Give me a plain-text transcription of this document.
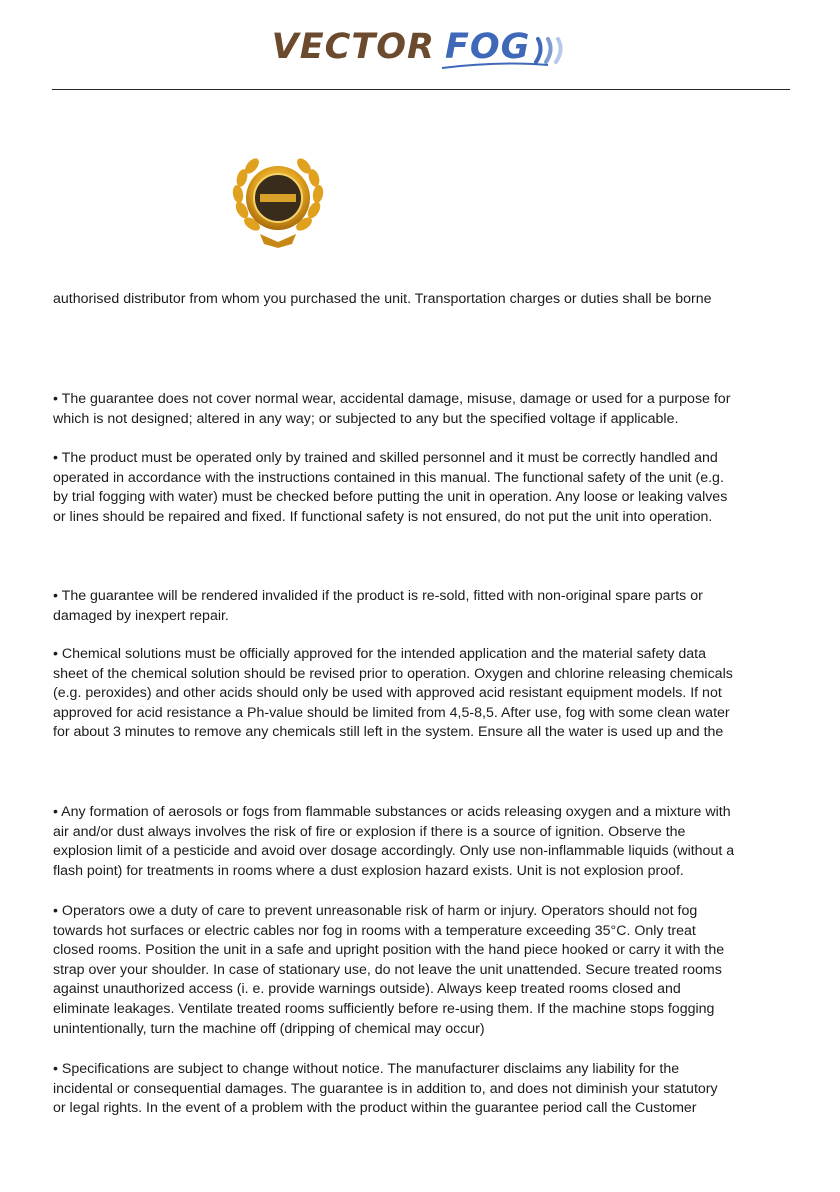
VECTOR FOG
authorised distributor from whom you purchased the unit. Transportation charges or duties shall be borne
• The guarantee does not cover normal wear, accidental damage, misuse, damage or used for a purpose for
which is not designed; altered in any way; or subjected to any but the specified voltage if applicable.
• The product must be operated only by trained and skilled personnel and it must be correctly handled and
operated in accordance with the instructions contained in this manual. The functional safety of the unit (e.g.
by trial fogging with water) must be checked before putting the unit in operation. Any loose or leaking valves
or lines should be repaired and fixed. If functional safety is not ensured, do not put the unit into operation.
• The guarantee will be rendered invalided if the product is re-sold, fitted with non-original spare parts or
damaged by inexpert repair.
• Chemical solutions must be officially approved for the intended application and the material safety data
sheet of the chemical solution should be revised prior to operation. Oxygen and chlorine releasing chemicals
(e.g. peroxides) and other acids should only be used with approved acid resistant equipment models. If not
approved for acid resistance a Ph-value should be limited from 4,5-8,5. After use, fog with some clean water
for about 3 minutes to remove any chemicals still left in the system. Ensure all the water is used up and the
• Any formation of aerosols or fogs from flammable substances or acids releasing oxygen and a mixture with
air and/or dust always involves the risk of fire or explosion if there is a source of ignition. Observe the
explosion limit of a pesticide and avoid over dosage accordingly. Only use non-inflammable liquids (without a
flash point) for treatments in rooms where a dust explosion hazard exists. Unit is not explosion proof.
• Operators owe a duty of care to prevent unreasonable risk of harm or injury. Operators should not fog
towards hot surfaces or electric cables nor fog in rooms with a temperature exceeding 35°C. Only treat
closed rooms. Position the unit in a safe and upright position with the hand piece hooked or carry it with the
strap over your shoulder. In case of stationary use, do not leave the unit unattended. Secure treated rooms
against unauthorized access (i. e. provide warnings outside). Always keep treated rooms closed and
eliminate leakages. Ventilate treated rooms sufficiently before re-using them. If the machine stops fogging
unintentionally, turn the machine off (dripping of chemical may occur)
• Specifications are subject to change without notice. The manufacturer disclaims any liability for the
incidental or consequential damages. The guarantee is in addition to, and does not diminish your statutory
or legal rights. In the event of a problem with the product within the guarantee period call the Customer
